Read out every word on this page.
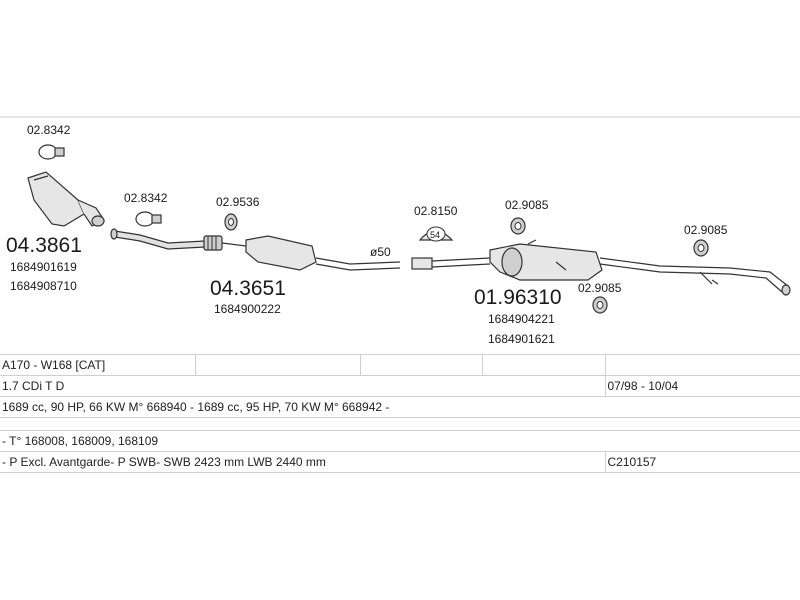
02.8342
04.3861
1684901619
1684908710
02.8342	02.9536
04.3651
1684900222
ø50
02.8150
54
02.9085
01.96310
1684904221
1684901621
02.9085
02.9085
A170 - W168 [CAT]				
1.7 CDi T D				07/98 - 10/04
1689 cc, 90 HP, 66 KW M° 668940 - 1689 cc, 95 HP, 70 KW M° 668942 -				

- T° 168008, 168009, 168109				
- P Excl. Avantgarde- P SWB- SWB 2423 mm LWB 2440 mm				C210157
